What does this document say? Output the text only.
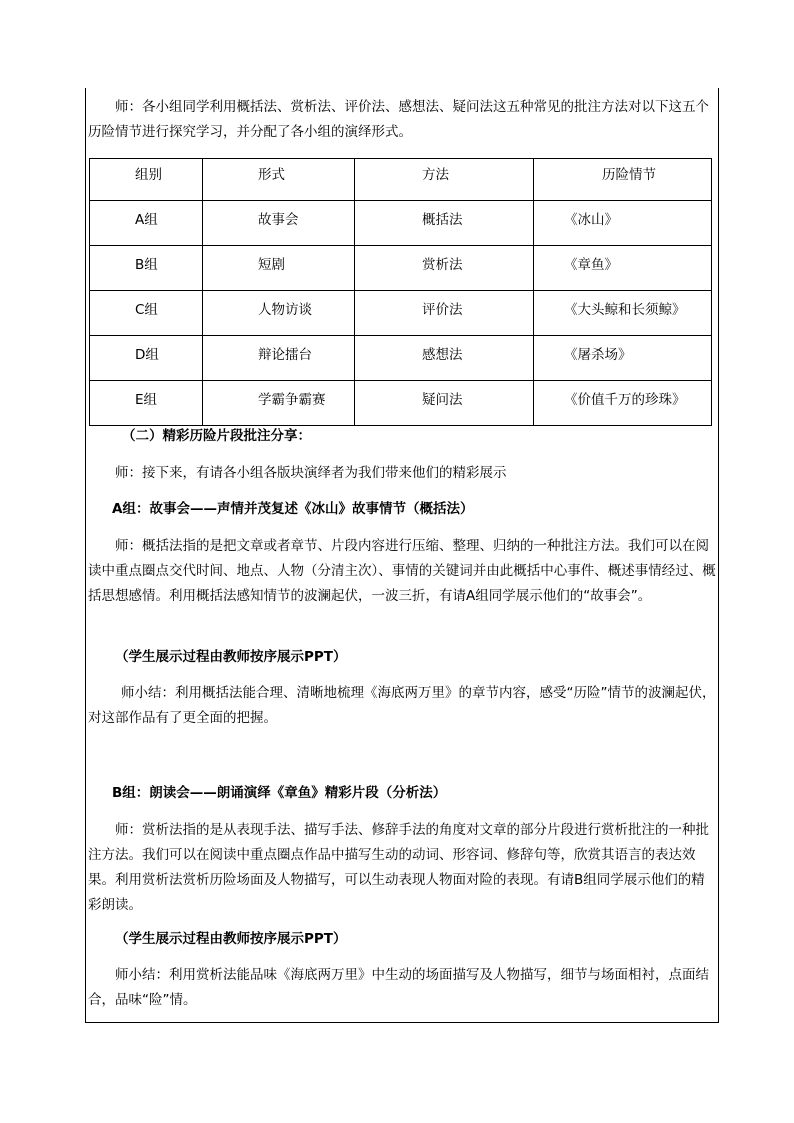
师：各小组同学利用概括法、赏析法、评价法、感想法、疑问法这五种常见的批注方法对以下这五个历险情节进行探究学习，并分配了各小组的演绎形式。

组别	形式	方法	历险情节
A组	故事会	概括法	《冰山》
B组	短剧	赏析法	《章鱼》
C组	人物访谈	评价法	《大头鲸和长须鲸》
D组	辩论擂台	感想法	《屠杀场》
E组	学霸争霸赛	疑问法	《价值千万的珍珠》

（二）精彩历险片段批注分享：

师：接下来，有请各小组各版块演绎者为我们带来他们的精彩展示

A组：故事会——声情并茂复述《冰山》故事情节（概括法）

师：概括法指的是把文章或者章节、片段内容进行压缩、整理、归纳的一种批注方法。我们可以在阅读中重点圈点交代时间、地点、人物（分清主次）、事情的关键词并由此概括中心事件、概述事情经过、概括思想感情。利用概括法感知情节的波澜起伏，一波三折，有请A组同学展示他们的“故事会”。

（学生展示过程由教师按序展示PPT）

师小结：利用概括法能合理、清晰地梳理《海底两万里》的章节内容，感受“历险”情节的波澜起伏，对这部作品有了更全面的把握。

B组：朗读会——朗诵演绎《章鱼》精彩片段（分析法）

师：赏析法指的是从表现手法、描写手法、修辞手法的角度对文章的部分片段进行赏析批注的一种批注方法。我们可以在阅读中重点圈点作品中描写生动的动词、形容词、修辞句等，欣赏其语言的表达效果。利用赏析法赏析历险场面及人物描写，可以生动表现人物面对险的表现。有请B组同学展示他们的精彩朗读。

（学生展示过程由教师按序展示PPT）

师小结：利用赏析法能品味《海底两万里》中生动的场面描写及人物描写，细节与场面相衬，点面结合，品味“险”情。
